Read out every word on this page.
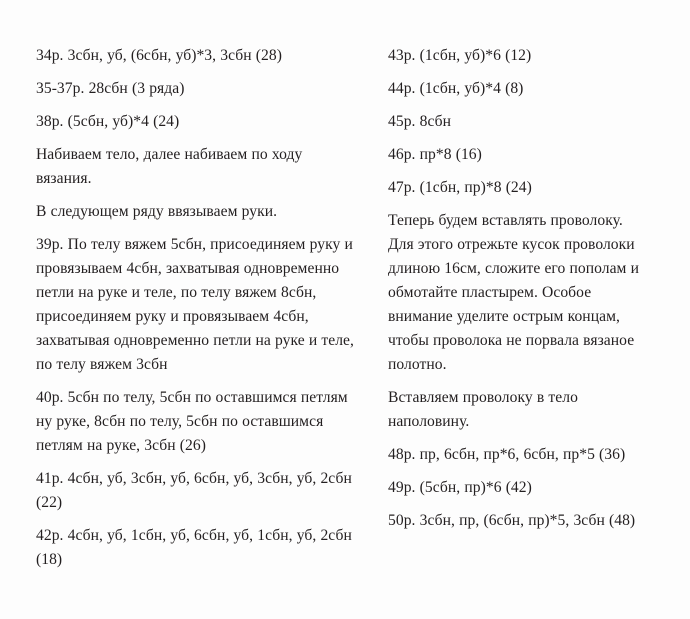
34р. 3сбн, уб, (6сбн, уб)*3, 3сбн (28)

35-37р. 28сбн (3 ряда)

38р. (5сбн, уб)*4 (24)

Набиваем тело, далее набиваем по ходу вязания.

В следующем ряду ввязываем руки.

39р. По телу вяжем 5сбн, присоединяем руку и провязываем 4сбн, захватывая одновременно петли на руке и теле, по телу вяжем 8сбн, присоединяем руку и провязываем 4сбн, захватывая одновременно петли на руке и теле, по телу вяжем 3сбн

40р. 5сбн по телу, 5сбн по оставшимся петлям ну руке, 8сбн по телу, 5сбн по оставшимся петлям на руке, 3сбн (26)

41р. 4сбн, уб, 3сбн, уб, 6сбн, уб, 3сбн, уб, 2сбн (22)

42р. 4сбн, уб, 1сбн, уб, 6сбн, уб, 1сбн, уб, 2сбн (18)

43р. (1сбн, уб)*6 (12)

44р. (1сбн, уб)*4 (8)

45р. 8сбн

46р. пр*8 (16)

47р. (1сбн, пр)*8 (24)

Теперь будем вставлять проволоку. Для этого отрежьте кусок проволоки длиною 16см, сложите его пополам и обмотайте пластырем. Особое внимание уделите острым концам, чтобы проволока не порвала вязаное полотно.

Вставляем проволоку в тело наполовину.

48р. пр, 6сбн, пр*6, 6сбн, пр*5 (36)

49р. (5сбн, пр)*6 (42)

50р. 3сбн, пр, (6сбн, пр)*5, 3сбн (48)
